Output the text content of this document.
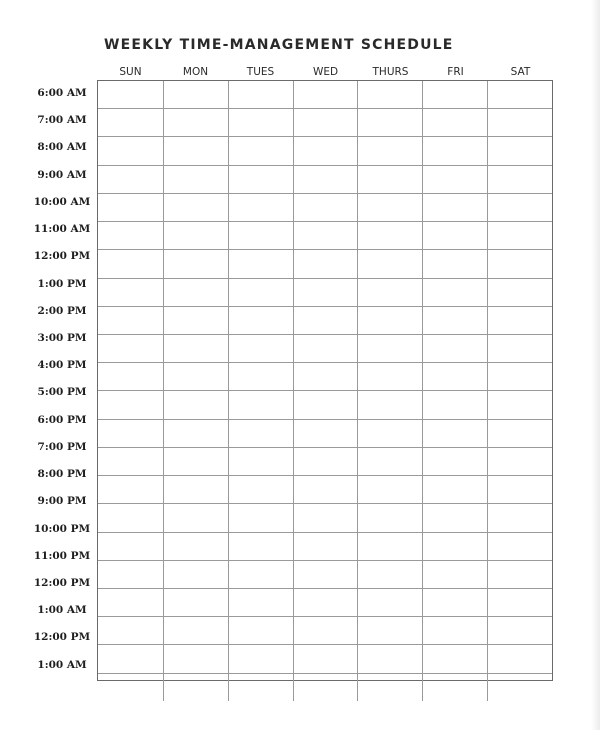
WEEKLY TIME-MANAGEMENT SCHEDULE
SUN	MON	TUES	WED	THURS	FRI	SAT
6:00 AM
7:00 AM
8:00 AM
9:00 AM
10:00 AM
11:00 AM
12:00 PM
1:00 PM
2:00 PM
3:00 PM
4:00 PM
5:00 PM
6:00 PM
7:00 PM
8:00 PM
9:00 PM
10:00 PM
11:00 PM
12:00 PM
1:00 AM
12:00 PM
1:00 AM
